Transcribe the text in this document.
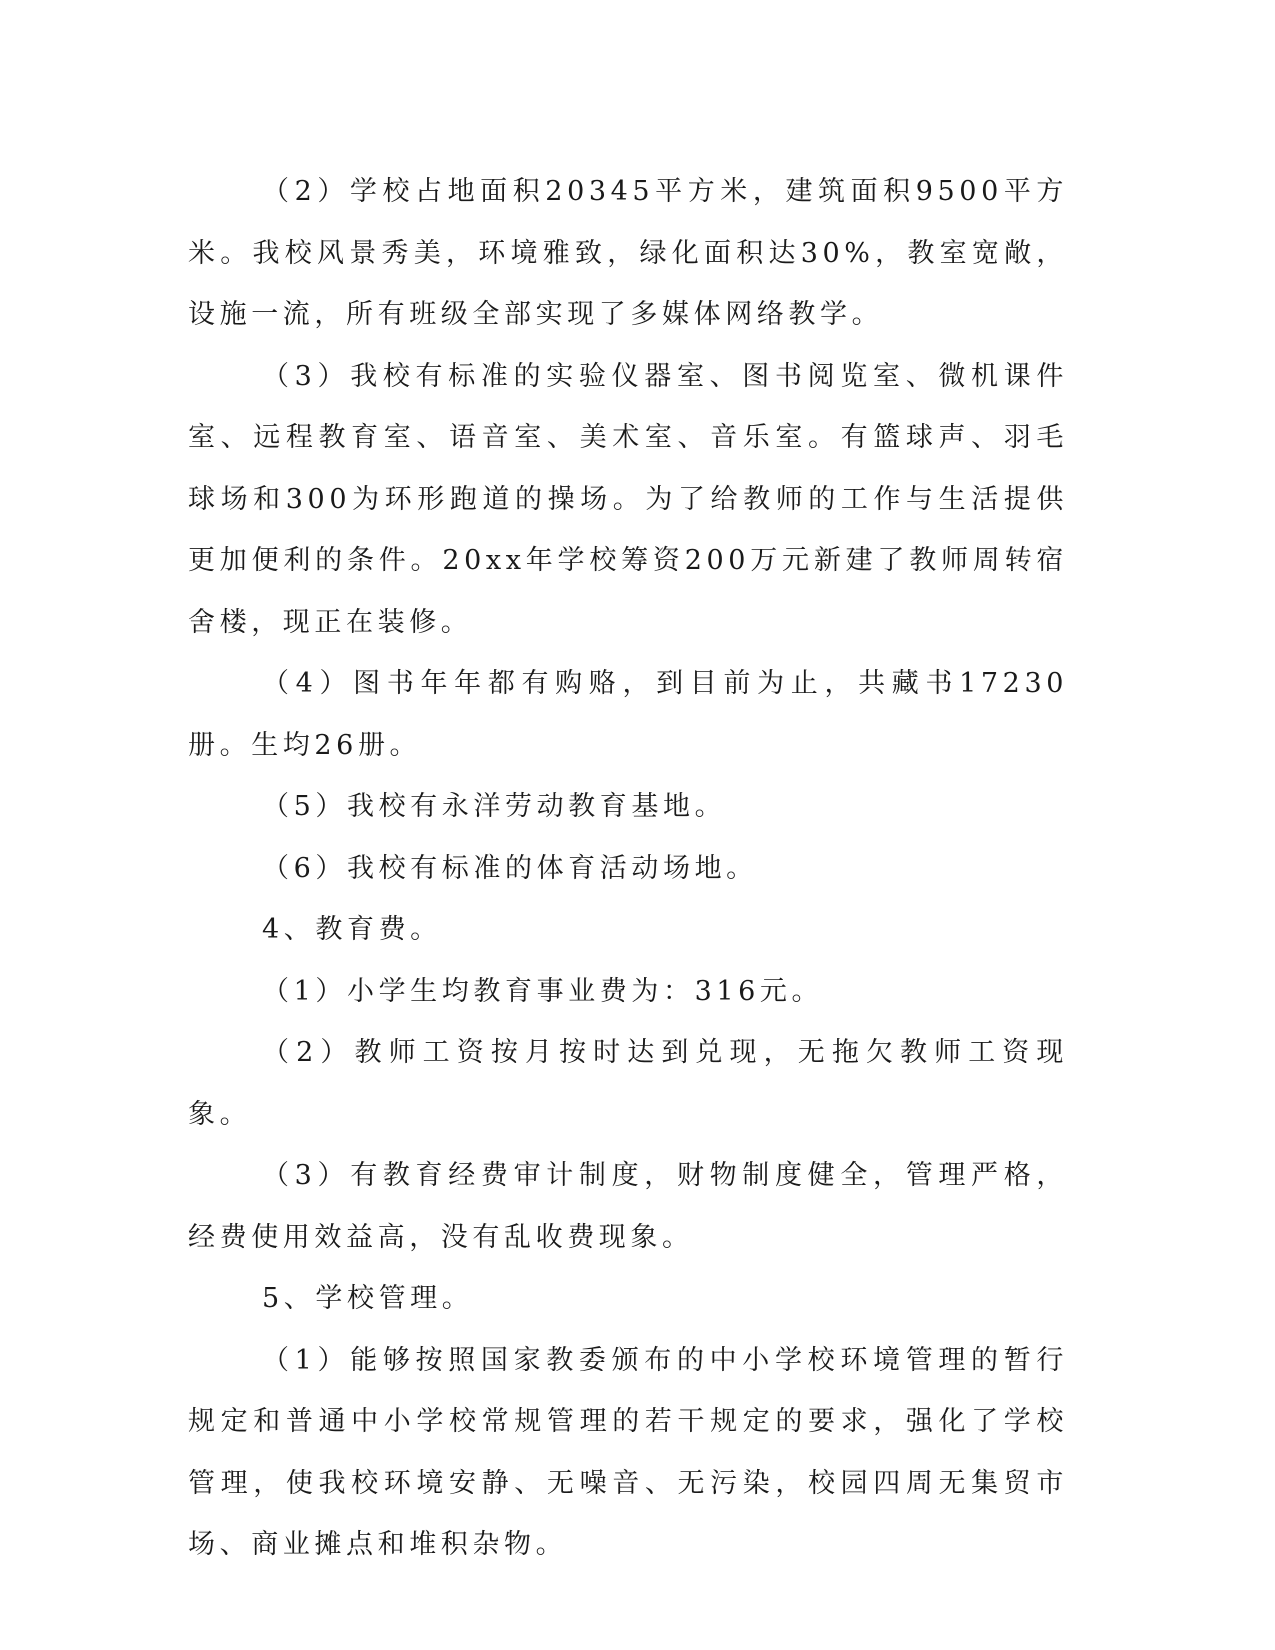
（2）学校占地面积20345平方米，建筑面积9500平方米。我校风景秀美，环境雅致，绿化面积达30%，教室宽敞，设施一流，所有班级全部实现了多媒体网络教学。

（3）我校有标准的实验仪器室、图书阅览室、微机课件室、远程教育室、语音室、美术室、音乐室。有篮球声、羽毛球场和300为环形跑道的操场。为了给教师的工作与生活提供更加便利的条件。20xx年学校筹资200万元新建了教师周转宿舍楼，现正在装修。

（4）图书年年都有购赂，到目前为止，共藏书17230册。生均26册。

（5）我校有永洋劳动教育基地。

（6）我校有标准的体育活动场地。

4、教育费。

（1）小学生均教育事业费为：316元。

（2）教师工资按月按时达到兑现，无拖欠教师工资现象。

（3）有教育经费审计制度，财物制度健全，管理严格，经费使用效益高，没有乱收费现象。

5、学校管理。

（1）能够按照国家教委颁布的中小学校环境管理的暂行规定和普通中小学校常规管理的若干规定的要求，强化了学校管理，使我校环境安静、无噪音、无污染，校园四周无集贸市场、商业摊点和堆积杂物。
